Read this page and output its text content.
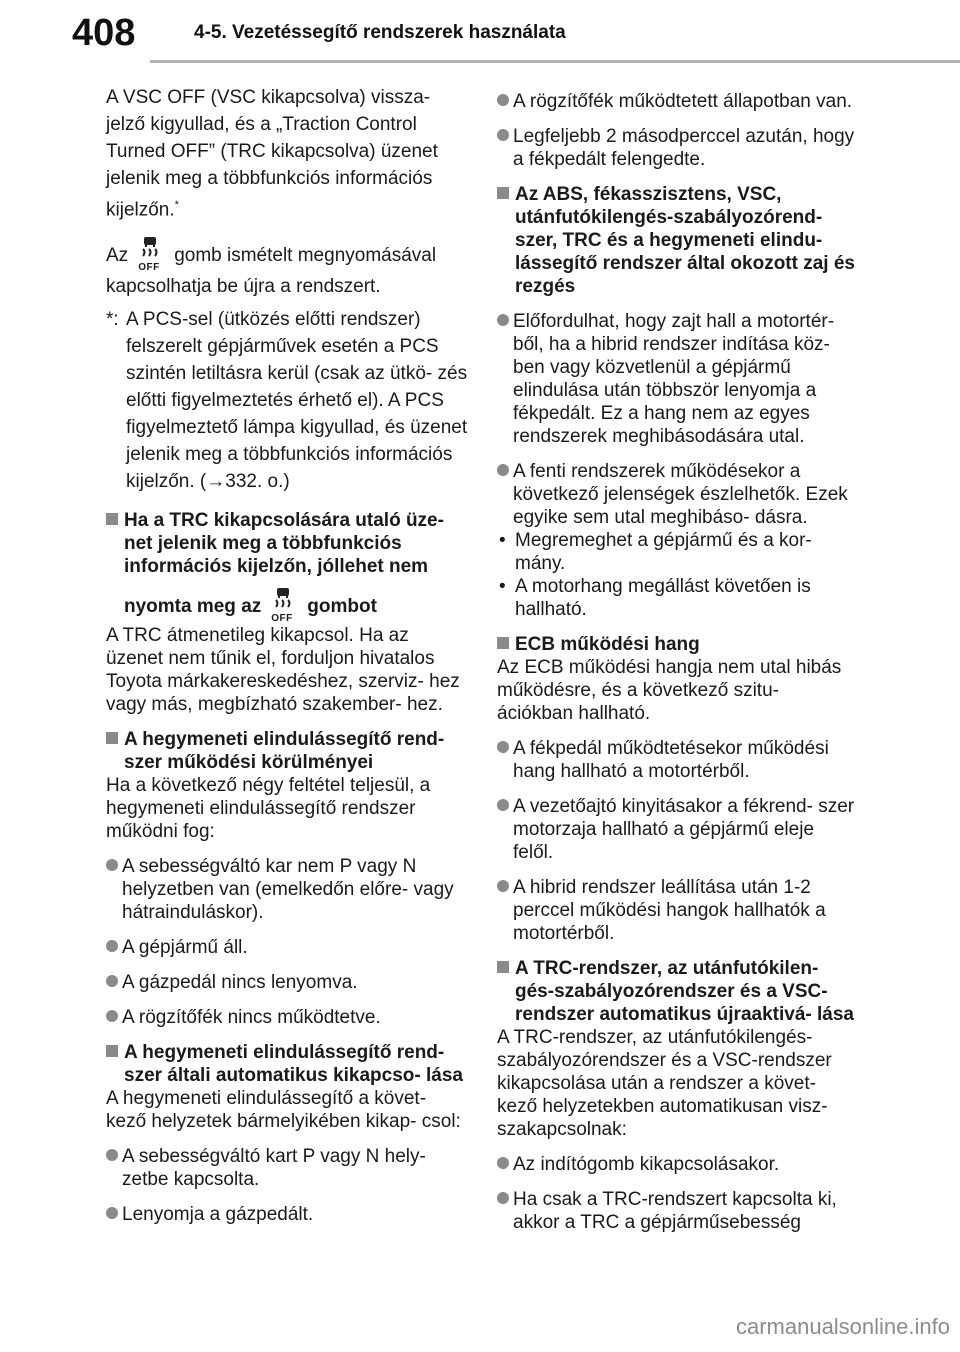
408	4-5. Vezetéssegítő rendszerek használata

A VSC OFF (VSC kikapcsolva) vissza- jelző kigyullad, és a „Traction Control Turned OFF” (TRC kikapcsolva) üzenet jelenik meg a többfunkciós információs kijelzőn.*

Az
OFF
gomb ismételt megnyomásával kapcsolhatja be újra a rendszert.

*: A PCS-sel (ütközés előtti rendszer) felszerelt gépjárművek esetén a PCS szintén letiltásra kerül (csak az ütkö- zés előtti figyelmeztetés érhető el). A PCS figyelmeztető lámpa kigyullad, és üzenet jelenik meg a többfunkciós információs kijelzőn. (→332. o.)
Ha a TRC kikapcsolására utaló üze- net jelenik meg a többfunkciós információs kijelzőn, jóllehet nem
nyomta meg az
OFF
gombot

A TRC átmenetileg kikapcsol. Ha az üzenet nem tűnik el, forduljon hivatalos Toyota márkakereskedéshez, szerviz- hez vagy más, megbízható szakember- hez.

A hegymeneti elindulássegítő rend- szer működési körülményei

Ha a következő négy feltétel teljesül, a hegymeneti elindulássegítő rendszer működni fog:

A sebességváltó kar nem P vagy N helyzetben van (emelkedőn előre- vagy hátrainduláskor).
A gépjármű áll.
A gázpedál nincs lenyomva.
A rögzítőfék nincs működtetve.
A hegymeneti elindulássegítő rend- szer általi automatikus kikapcso- lása

A hegymeneti elindulássegítő a követ- kező helyzetek bármelyikében kikap- csol:

A sebességváltó kart P vagy N hely- zetbe kapcsolta.
Lenyomja a gázpedált.
A rögzítőfék működtetett állapotban van.
Legfeljebb 2 másodperccel azután, hogy a fékpedált felengedte.
Az ABS, fékasszisztens, VSC, utánfutókilengés-szabályozórend- szer, TRC és a hegymeneti elindu- lássegítő rendszer által okozott zaj és rezgés
Előfordulhat, hogy zajt hall a motortér- ből, ha a hibrid rendszer indítása köz- ben vagy közvetlenül a gépjármű elindulása után többször lenyomja a fékpedált. Ez a hang nem az egyes rendszerek meghibásodására utal.
A fenti rendszerek működésekor a következő jelenségek észlelhetők. Ezek egyike sem utal meghibáso- dásra.
• Megremeghet a gépjármű és a kor- mány.
• A motorhang megállást követően is hallható.
ECB működési hang

Az ECB működési hangja nem utal hibás működésre, és a következő szitu- ációkban hallható.

A fékpedál működtetésekor működési hang hallható a motortérből.
A vezetőajtó kinyitásakor a fékrend- szer motorzaja hallható a gépjármű eleje felől.
A hibrid rendszer leállítása után 1-2 perccel működési hangok hallhatók a motortérből.
A TRC-rendszer, az utánfutókilen- gés-szabályozórendszer és a VSC- rendszer automatikus újraaktivá- lása

A TRC-rendszer, az utánfutókilengés- szabályozórendszer és a VSC-rendszer kikapcsolása után a rendszer a követ- kező helyzetekben automatikusan visz- szakapcsolnak:

Az indítógomb kikapcsolásakor.
Ha csak a TRC-rendszert kapcsolta ki, akkor a TRC a gépjárműsebesség
carmanualsonline.info
